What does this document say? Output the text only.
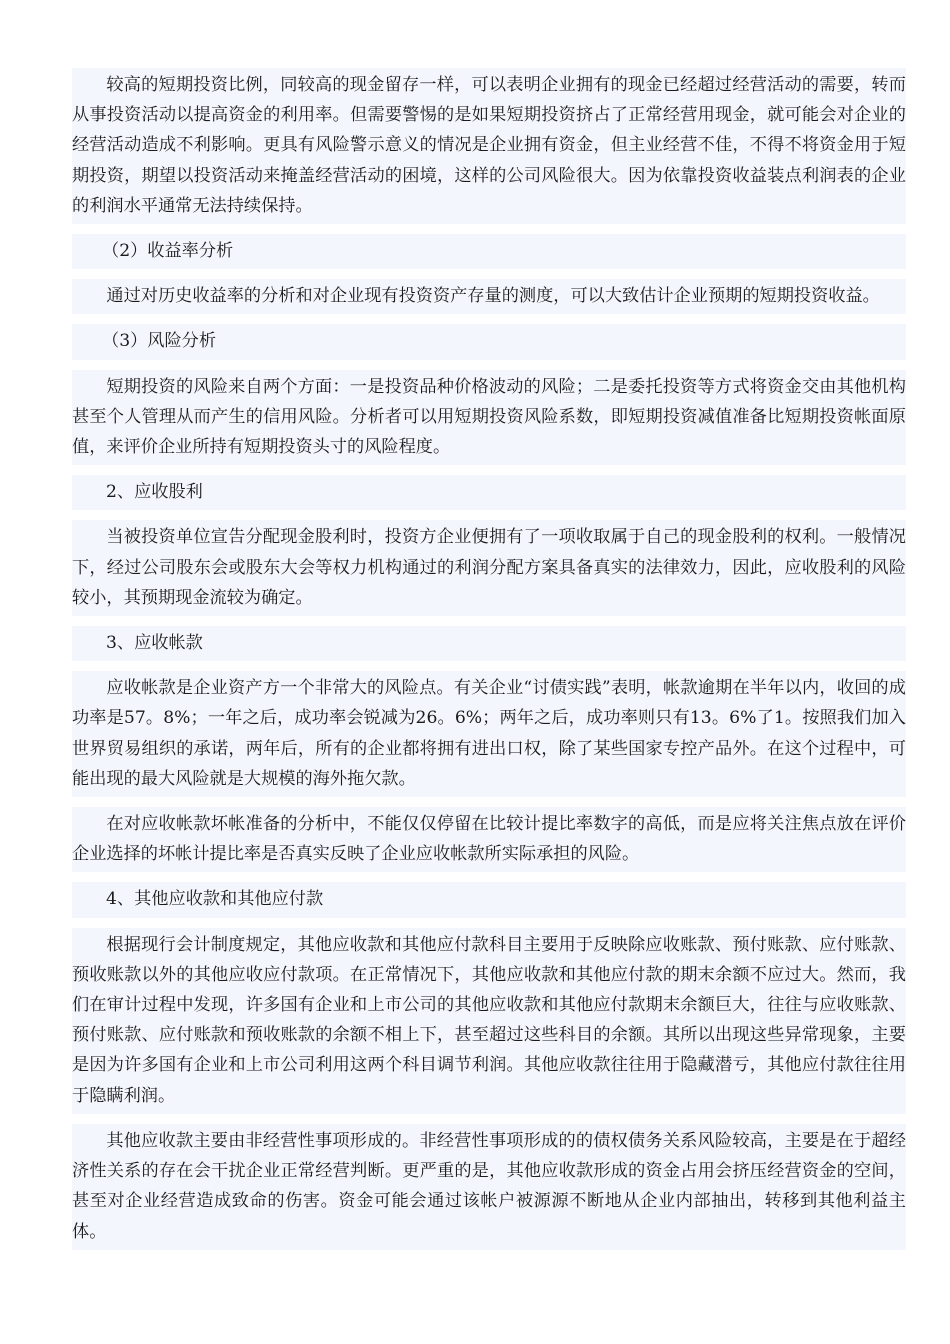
较高的短期投资比例，同较高的现金留存一样，可以表明企业拥有的现金已经超过经营活动的需要，转而从事投资活动以提高资金的利用率。但需要警惕的是如果短期投资挤占了正常经营用现金，就可能会对企业的经营活动造成不利影响。更具有风险警示意义的情况是企业拥有资金，但主业经营不佳，不得不将资金用于短期投资，期望以投资活动来掩盖经营活动的困境，这样的公司风险很大。因为依靠投资收益装点利润表的企业的利润水平通常无法持续保持。

（2）收益率分析

通过对历史收益率的分析和对企业现有投资资产存量的测度，可以大致估计企业预期的短期投资收益。

（3）风险分析

短期投资的风险来自两个方面：一是投资品种价格波动的风险；二是委托投资等方式将资金交由其他机构甚至个人管理从而产生的信用风险。分析者可以用短期投资风险系数，即短期投资减值准备比短期投资帐面原值，来评价企业所持有短期投资头寸的风险程度。

2、应收股利

当被投资单位宣告分配现金股利时，投资方企业便拥有了一项收取属于自己的现金股利的权利。一般情况下，经过公司股东会或股东大会等权力机构通过的利润分配方案具备真实的法律效力，因此，应收股利的风险较小，其预期现金流较为确定。

3、应收帐款

应收帐款是企业资产方一个非常大的风险点。有关企业“讨债实践”表明，帐款逾期在半年以内，收回的成功率是57。8%；一年之后，成功率会锐减为26。6%；两年之后，成功率则只有13。6%了1。按照我们加入世界贸易组织的承诺，两年后，所有的企业都将拥有进出口权，除了某些国家专控产品外。在这个过程中，可能出现的最大风险就是大规模的海外拖欠款。

在对应收帐款坏帐准备的分析中，不能仅仅停留在比较计提比率数字的高低，而是应将关注焦点放在评价企业选择的坏帐计提比率是否真实反映了企业应收帐款所实际承担的风险。

4、其他应收款和其他应付款

根据现行会计制度规定，其他应收款和其他应付款科目主要用于反映除应收账款、预付账款、应付账款、预收账款以外的其他应收应付款项。在正常情况下，其他应收款和其他应付款的期末余额不应过大。然而，我们在审计过程中发现，许多国有企业和上市公司的其他应收款和其他应付款期末余额巨大，往往与应收账款、预付账款、应付账款和预收账款的余额不相上下，甚至超过这些科目的余额。其所以出现这些异常现象，主要是因为许多国有企业和上市公司利用这两个科目调节利润。其他应收款往往用于隐藏潜亏，其他应付款往往用于隐瞒利润。

其他应收款主要由非经营性事项形成的。非经营性事项形成的的债权债务关系风险较高，主要是在于超经济性关系的存在会干扰企业正常经营判断。更严重的是，其他应收款形成的资金占用会挤压经营资金的空间，甚至对企业经营造成致命的伤害。资金可能会通过该帐户被源源不断地从企业内部抽出，转移到其他利益主体。
